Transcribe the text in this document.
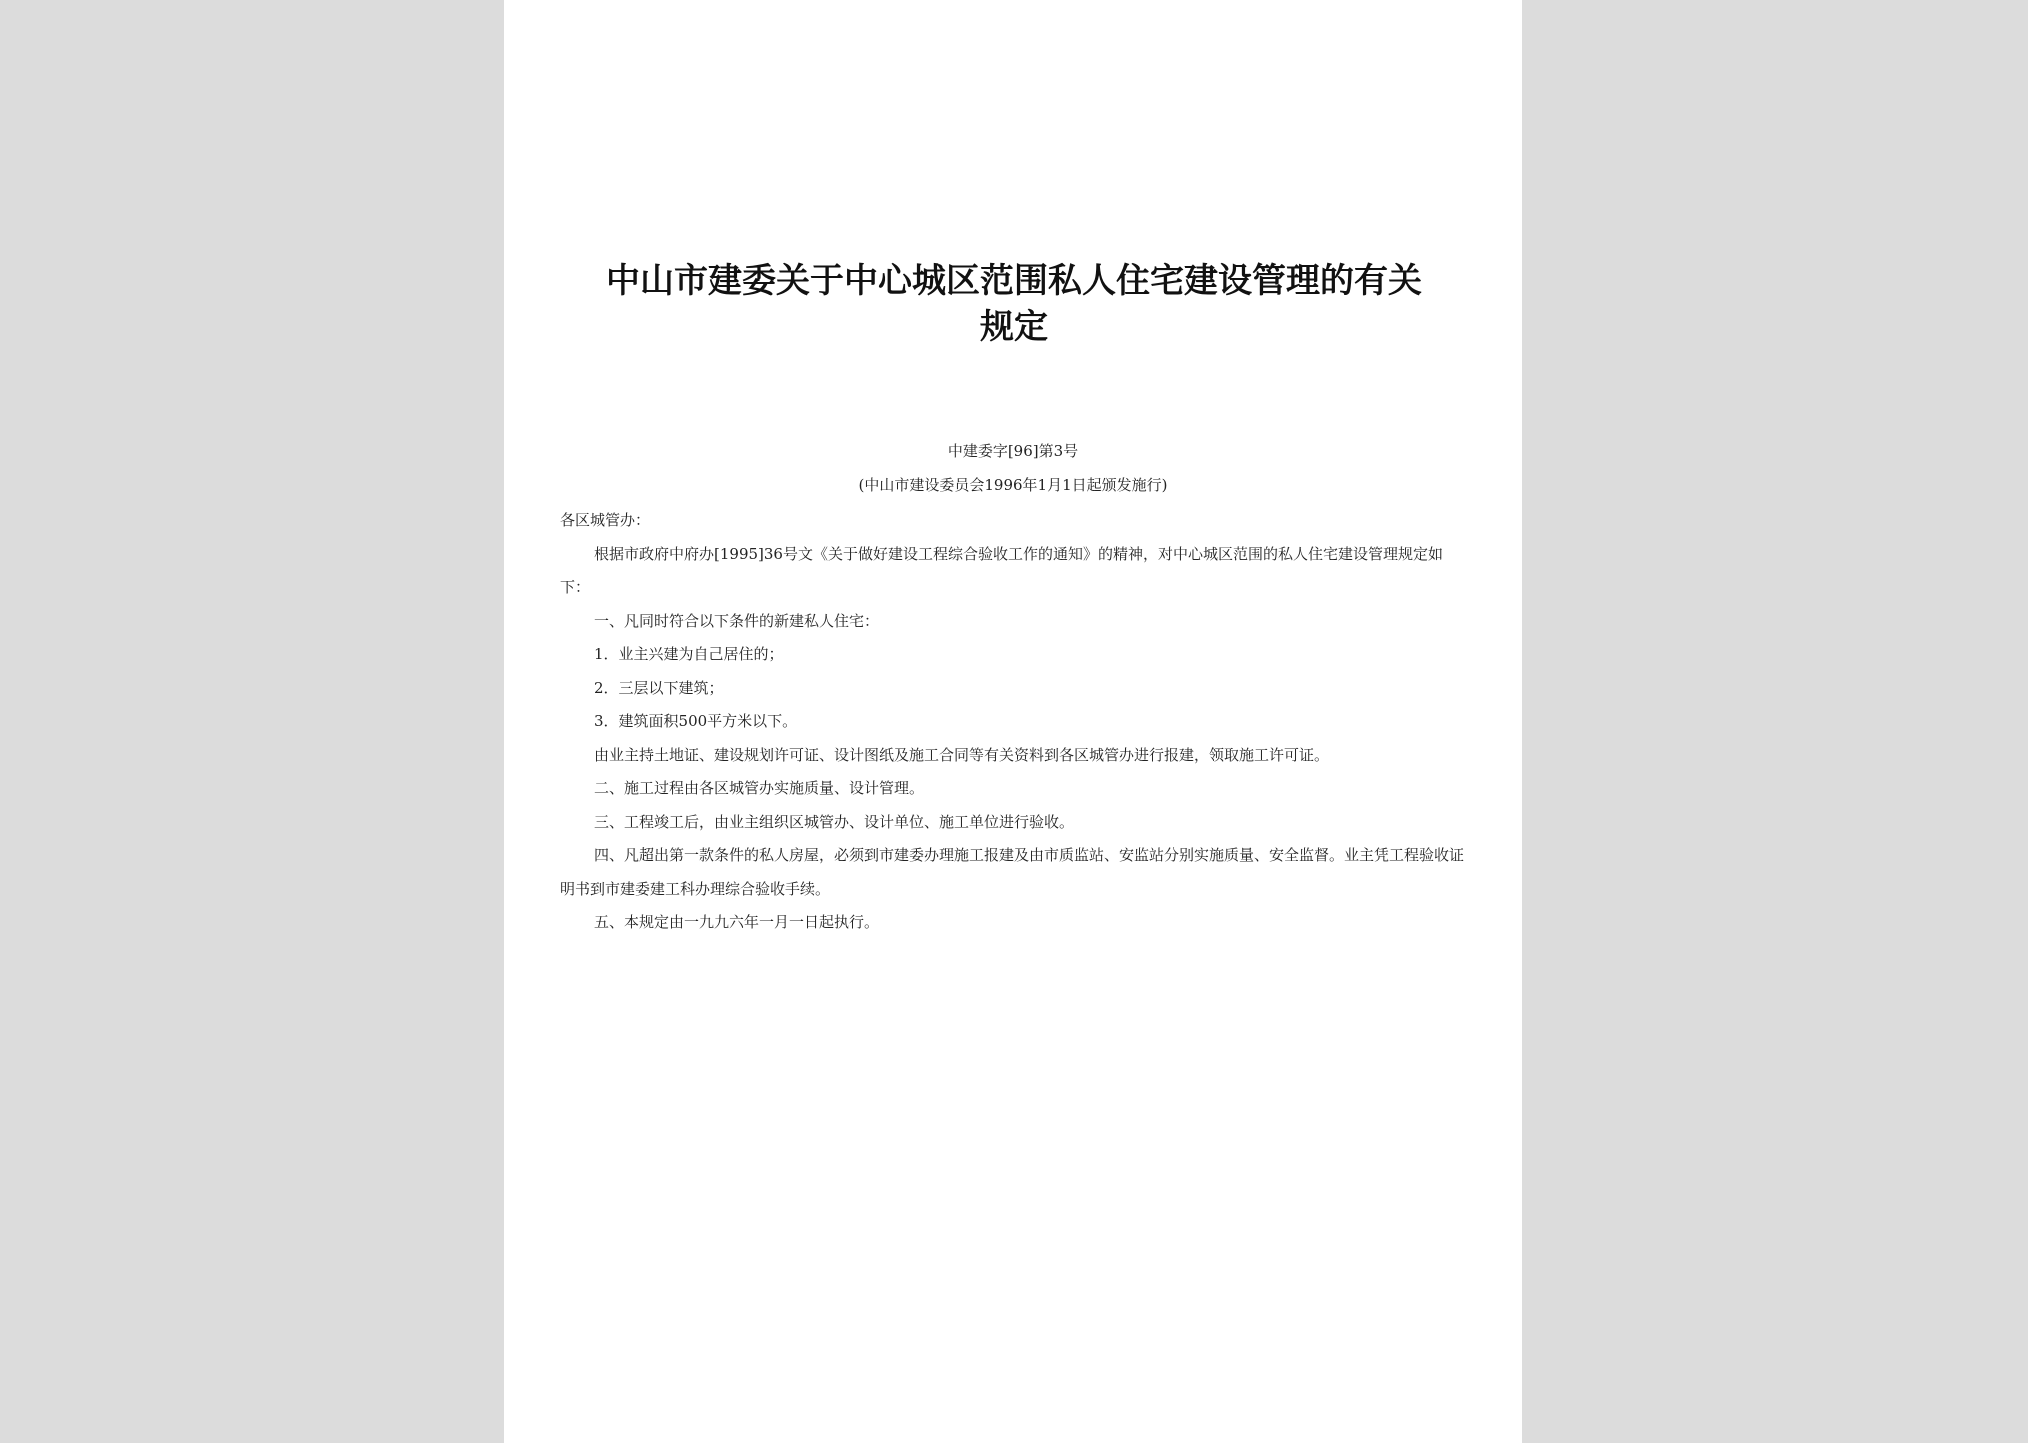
中山市建委关于中心城区范围私人住宅建设管理的有关
规定
中建委字[96]第3号
(中山市建设委员会1996年1月1日起颁发施行)

各区城管办：

根据市政府中府办[1995]36号文《关于做好建设工程综合验收工作的通知》的精神，对中心城区范围的私人住宅建设管理规定如下：

一、凡同时符合以下条件的新建私人住宅：

1．业主兴建为自己居住的；

2．三层以下建筑；

3．建筑面积500平方米以下。

由业主持土地证、建设规划许可证、设计图纸及施工合同等有关资料到各区城管办进行报建，领取施工许可证。

二、施工过程由各区城管办实施质量、设计管理。

三、工程竣工后，由业主组织区城管办、设计单位、施工单位进行验收。

四、凡超出第一款条件的私人房屋，必须到市建委办理施工报建及由市质监站、安监站分别实施质量、安全监督。业主凭工程验收证明书到市建委建工科办理综合验收手续。

五、本规定由一九九六年一月一日起执行。
